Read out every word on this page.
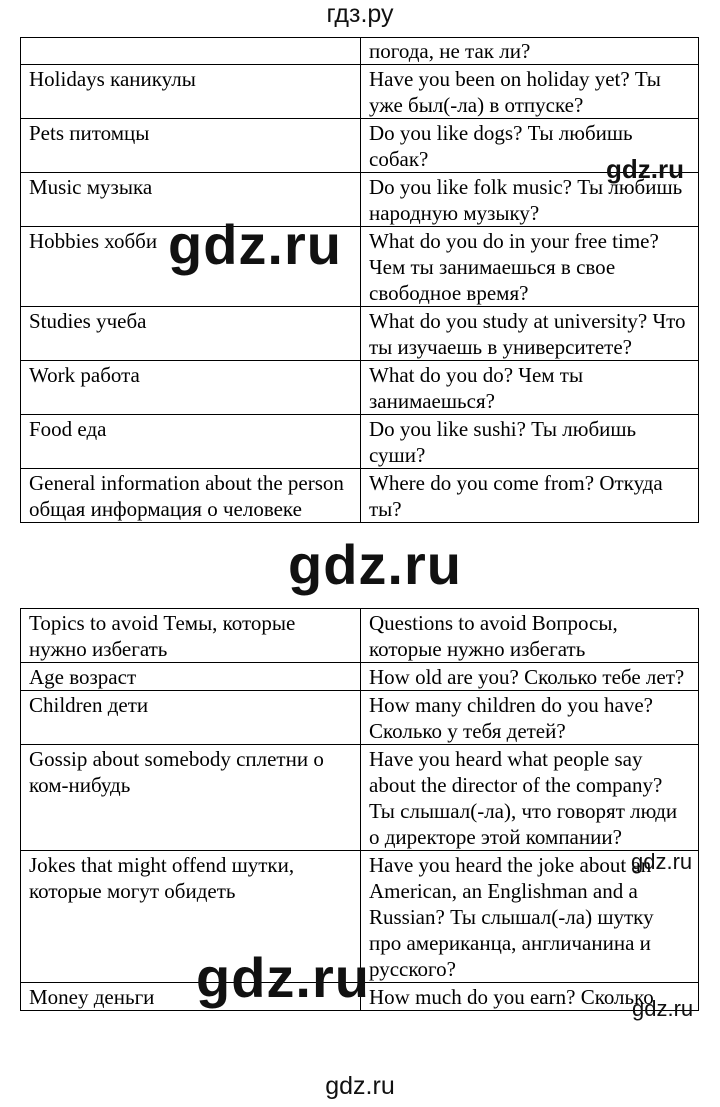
гдз.ру
	погода, не так ли?
Holidays каникулы	Have you been on holiday yet? Ты уже был(-ла) в отпуске?
Pets питомцы	Do you like dogs? Ты любишь собак?
Music музыка	Do you like folk music? Ты любишь народную музыку?
Hobbies хобби	What do you do in your free time? Чем ты занимаешься в свое свободное время?
Studies учеба	What do you study at university? Что ты изучаешь в университете?
Work работа	What do you do? Чем ты занимаешься?
Food еда	Do you like sushi? Ты любишь суши?
General information about the person общая информация о человеке	Where do you come from? Откуда ты?
Topics to avoid Темы, которые нужно избегать	Questions to avoid Вопросы, которые нужно избегать
Age возраст	How old are you? Сколько тебе лет?
Children дети	How many children do you have? Сколько у тебя детей?
Gossip about somebody сплетни о ком-нибудь	Have you heard what people say about the director of the company? Ты слышал(-ла), что говорят люди о директоре этой компании?
Jokes that might offend шутки, которые могут обидеть	Have you heard the joke about an American, an Englishman and a Russian? Ты слышал(-ла) шутку про американца, англичанина и русского?
Money деньги	How much do you earn? Сколько
gdz.ru
gdz.ru
gdz.ru
gdz.ru
gdz.ru
gdz.ru
gdz.ru
